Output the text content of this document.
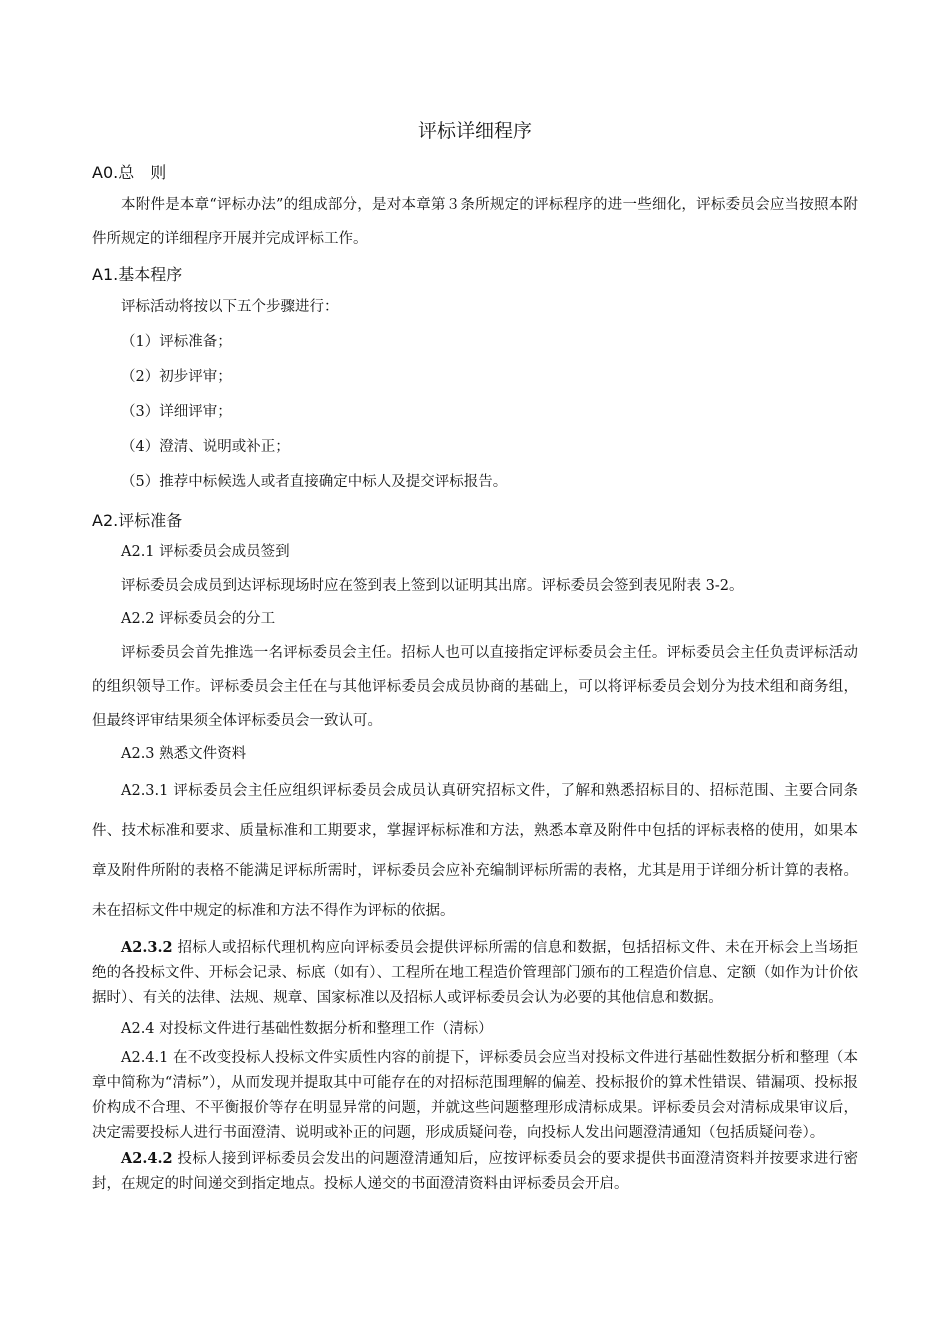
评标详细程序
A0.总　则

本附件是本章“评标办法”的组成部分，是对本章第３条所规定的评标程序的进一些细化，评标委员会应当按照本附件所规定的详细程序开展并完成评标工作。

A1.基本程序

评标活动将按以下五个步骤进行：

（1）评标准备；

（2）初步评审；

（3）详细评审；

（4）澄清、说明或补正；

（5）推荐中标候选人或者直接确定中标人及提交评标报告。

A2.评标准备

A2.1 评标委员会成员签到

评标委员会成员到达评标现场时应在签到表上签到以证明其出席。评标委员会签到表见附表 3-2。

A2.2 评标委员会的分工

评标委员会首先推选一名评标委员会主任。招标人也可以直接指定评标委员会主任。评标委员会主任负责评标活动的组织领导工作。评标委员会主任在与其他评标委员会成员协商的基础上，可以将评标委员会划分为技术组和商务组，但最终评审结果须全体评标委员会一致认可。

A2.3 熟悉文件资料

A2.3.1 评标委员会主任应组织评标委员会成员认真研究招标文件，了解和熟悉招标目的、招标范围、主要合同条件、技术标准和要求、质量标准和工期要求，掌握评标标准和方法，熟悉本章及附件中包括的评标表格的使用，如果本章及附件所附的表格不能满足评标所需时，评标委员会应补充编制评标所需的表格，尤其是用于详细分析计算的表格。未在招标文件中规定的标准和方法不得作为评标的依据。

A2.3.2 招标人或招标代理机构应向评标委员会提供评标所需的信息和数据，包括招标文件、未在开标会上当场拒绝的各投标文件、开标会记录、标底（如有）、工程所在地工程造价管理部门颁布的工程造价信息、定额（如作为计价依据时）、有关的法律、法规、规章、国家标准以及招标人或评标委员会认为必要的其他信息和数据。

A2.4 对投标文件进行基础性数据分析和整理工作（清标）

A2.4.1 在不改变投标人投标文件实质性内容的前提下，评标委员会应当对投标文件进行基础性数据分析和整理（本章中简称为“清标”），从而发现并提取其中可能存在的对招标范围理解的偏差、投标报价的算术性错误、错漏项、投标报价构成不合理、不平衡报价等存在明显异常的问题，并就这些问题整理形成清标成果。评标委员会对清标成果审议后，决定需要投标人进行书面澄清、说明或补正的问题，形成质疑问卷，向投标人发出问题澄清通知（包括质疑问卷）。

A2.4.2 投标人接到评标委员会发出的问题澄清通知后，应按评标委员会的要求提供书面澄清资料并按要求进行密封，在规定的时间递交到指定地点。投标人递交的书面澄清资料由评标委员会开启。
